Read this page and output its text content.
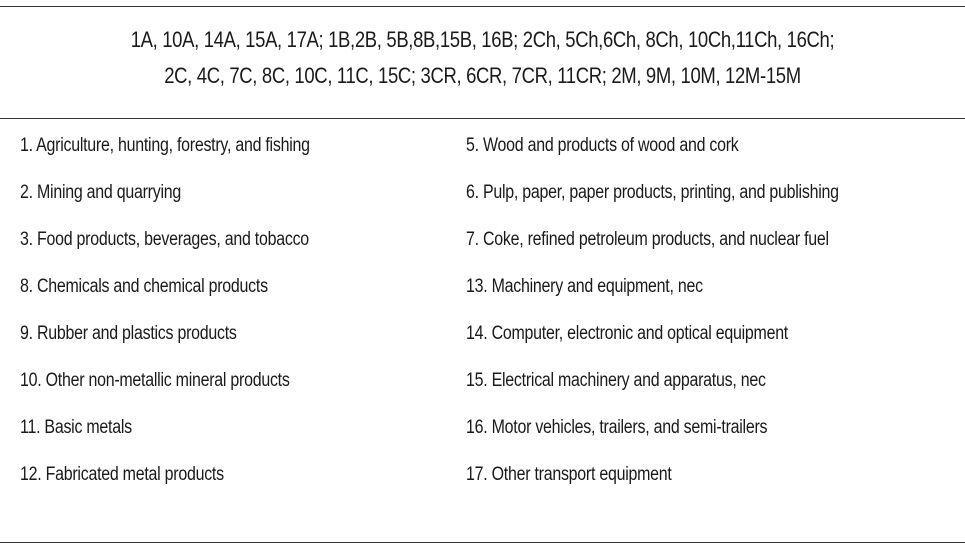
1A, 10A, 14A, 15A, 17A; 1B,2B, 5B,8B,15B, 16B; 2Ch, 5Ch,6Ch, 8Ch, 10Ch,11Ch, 16Ch;
2C, 4C, 7C, 8C, 10C, 11C, 15C; 3CR, 6CR, 7CR, 11CR; 2M, 9M, 10M, 12M-15M
1. Agriculture, hunting, forestry, and fishing
2. Mining and quarrying
3. Food products, beverages, and tobacco
8. Chemicals and chemical products
9. Rubber and plastics products
10. Other non-metallic mineral products
11. Basic metals
12. Fabricated metal products
5. Wood and products of wood and cork
6. Pulp, paper, paper products, printing, and publishing
7. Coke, refined petroleum products, and nuclear fuel
13. Machinery and equipment, nec
14. Computer, electronic and optical equipment
15. Electrical machinery and apparatus, nec
16. Motor vehicles, trailers, and semi-trailers
17. Other transport equipment
